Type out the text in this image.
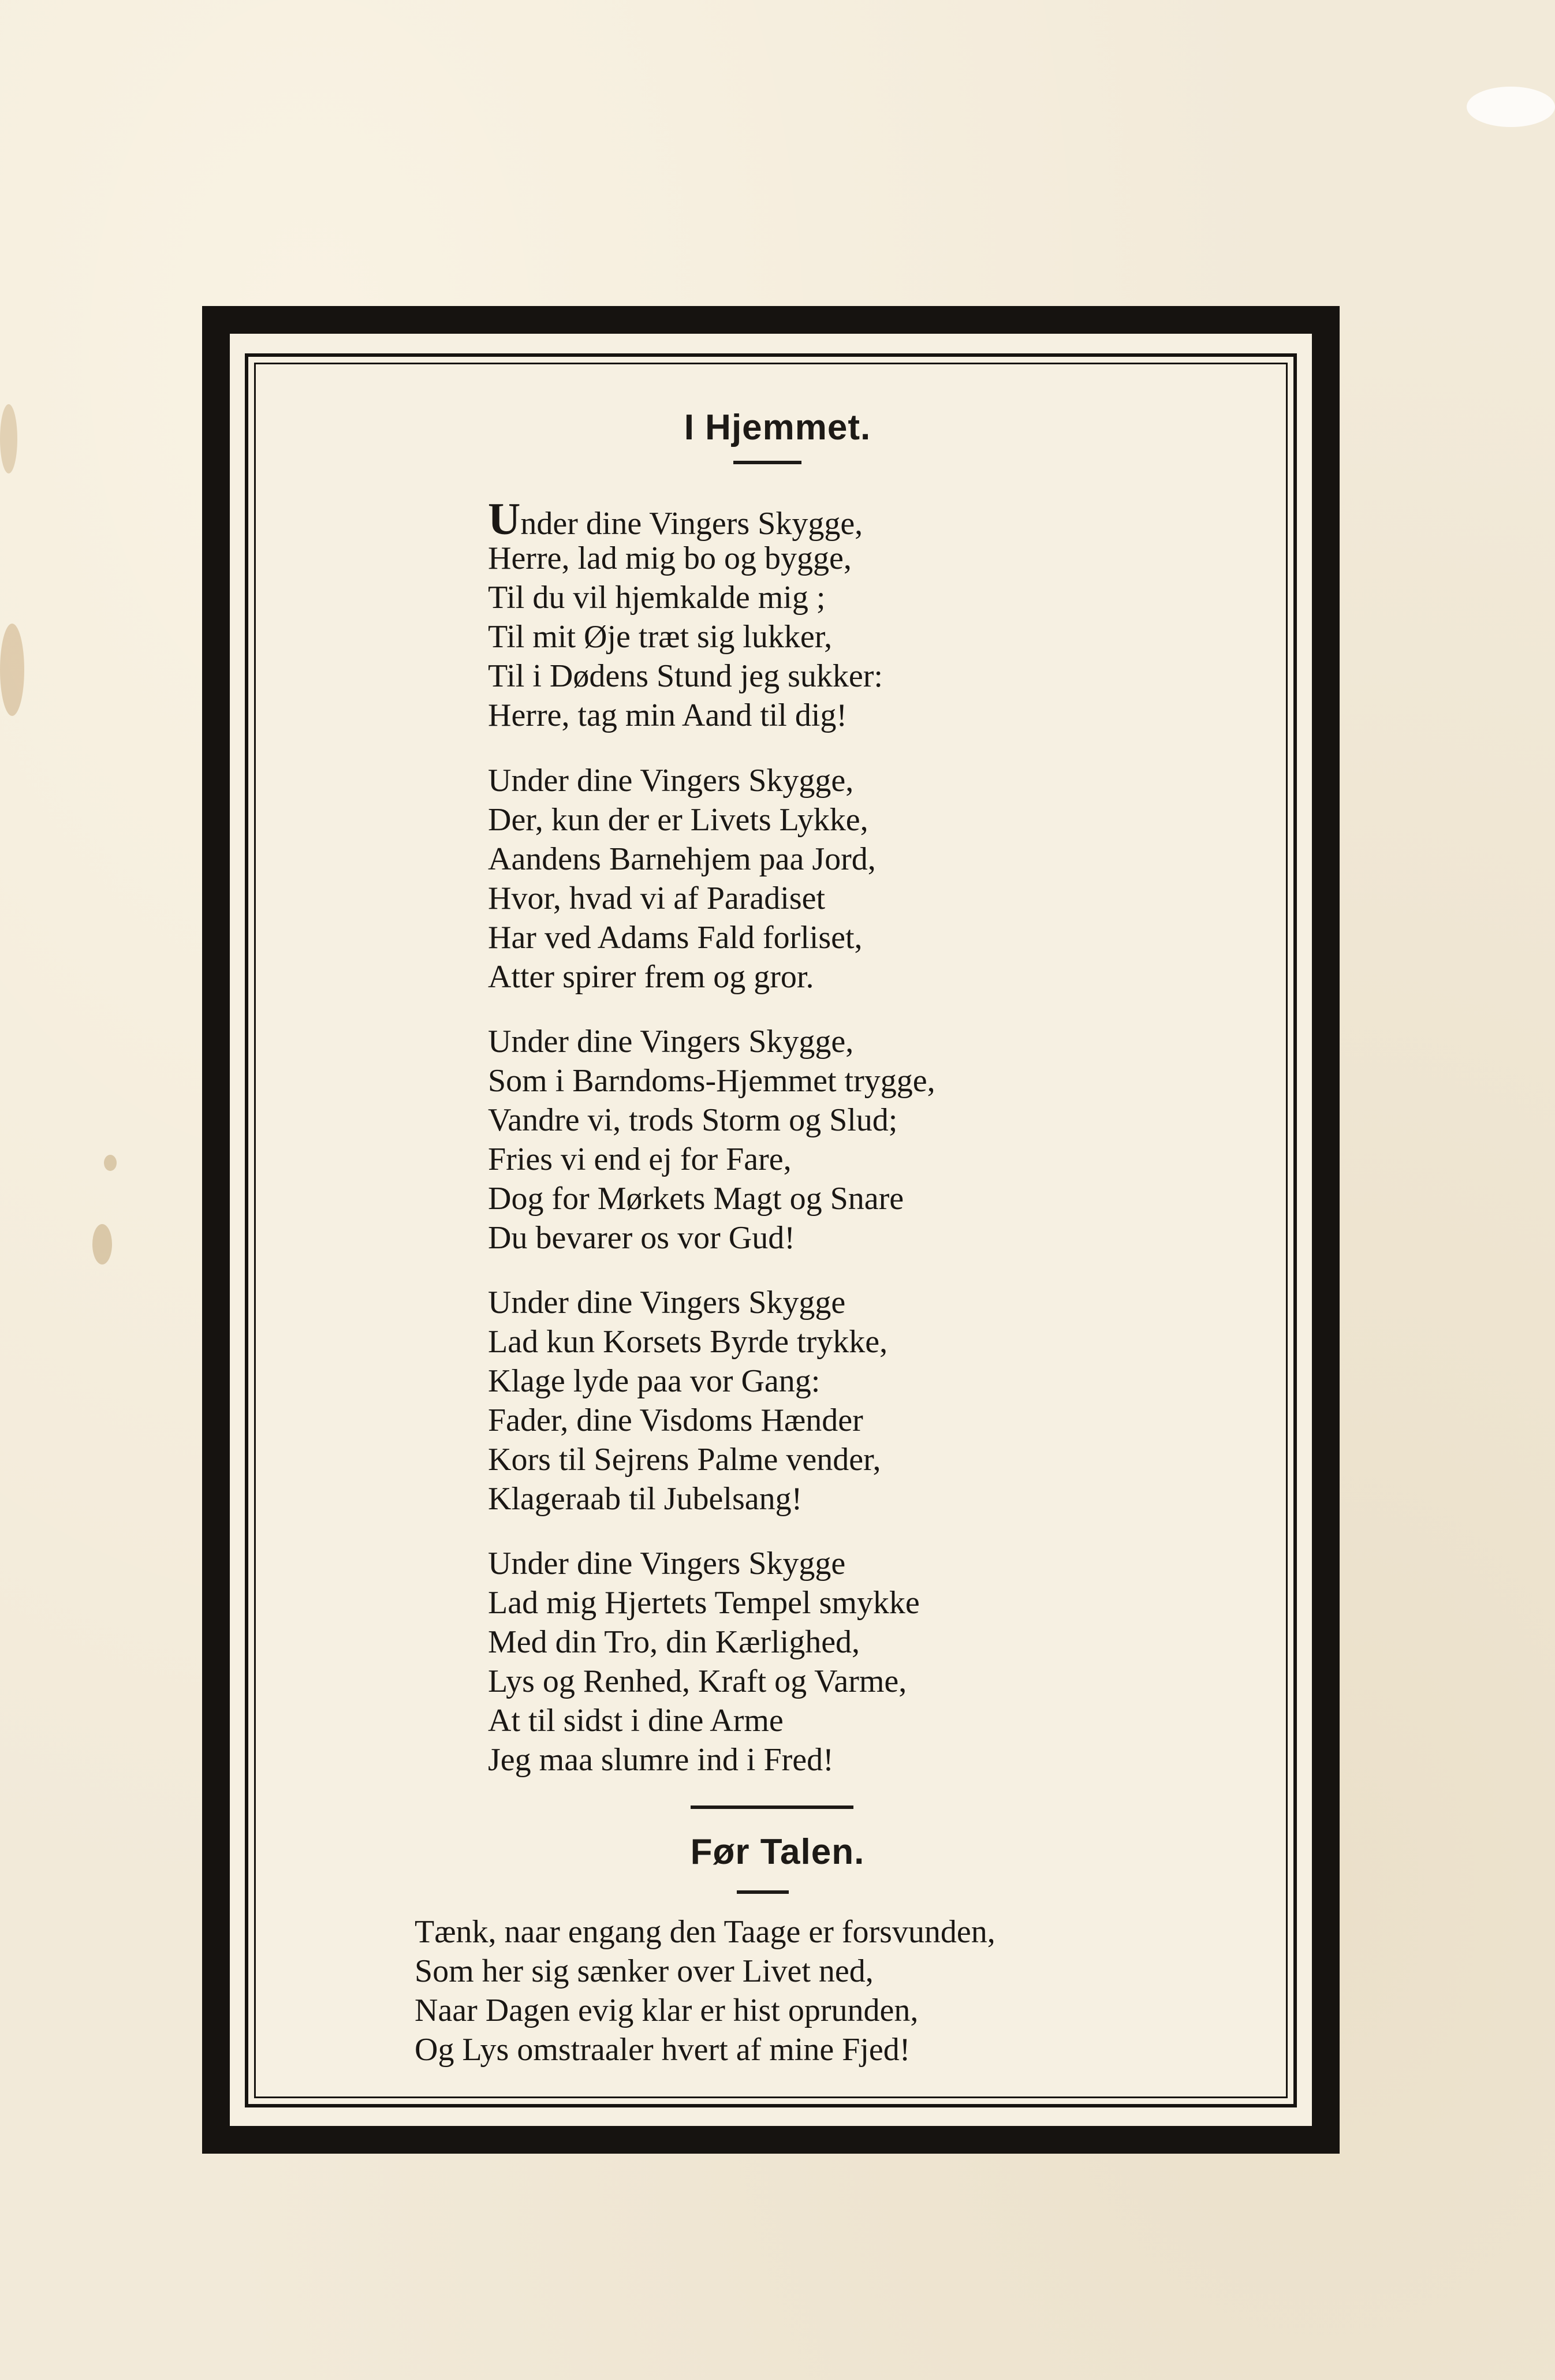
I Hjemmet.
Under dine Vingers Skygge,
Herre, lad mig bo og bygge,
Til du vil hjemkalde mig ;
Til mit Øje træt sig lukker,
Til i Dødens Stund jeg sukker:
Herre, tag min Aand til dig!
Under dine Vingers Skygge,
Der, kun der er Livets Lykke,
Aandens Barnehjem paa Jord,
Hvor, hvad vi af Paradiset
Har ved Adams Fald forliset,
Atter spirer frem og gror.
Under dine Vingers Skygge,
Som i Barndoms-Hjemmet trygge,
Vandre vi, trods Storm og Slud;
Fries vi end ej for Fare,
Dog for Mørkets Magt og Snare
Du bevarer os vor Gud!
Under dine Vingers Skygge
Lad kun Korsets Byrde trykke,
Klage lyde paa vor Gang:
Fader, dine Visdoms Hænder
Kors til Sejrens Palme vender,
Klageraab til Jubelsang!
Under dine Vingers Skygge
Lad mig Hjertets Tempel smykke
Med din Tro, din Kærlighed,
Lys og Renhed, Kraft og Varme,
At til sidst i dine Arme
Jeg maa slumre ind i Fred!
Før Talen.
Tænk, naar engang den Taage er forsvunden,
Som her sig sænker over Livet ned,
Naar Dagen evig klar er hist oprunden,
Og Lys omstraaler hvert af mine Fjed!
